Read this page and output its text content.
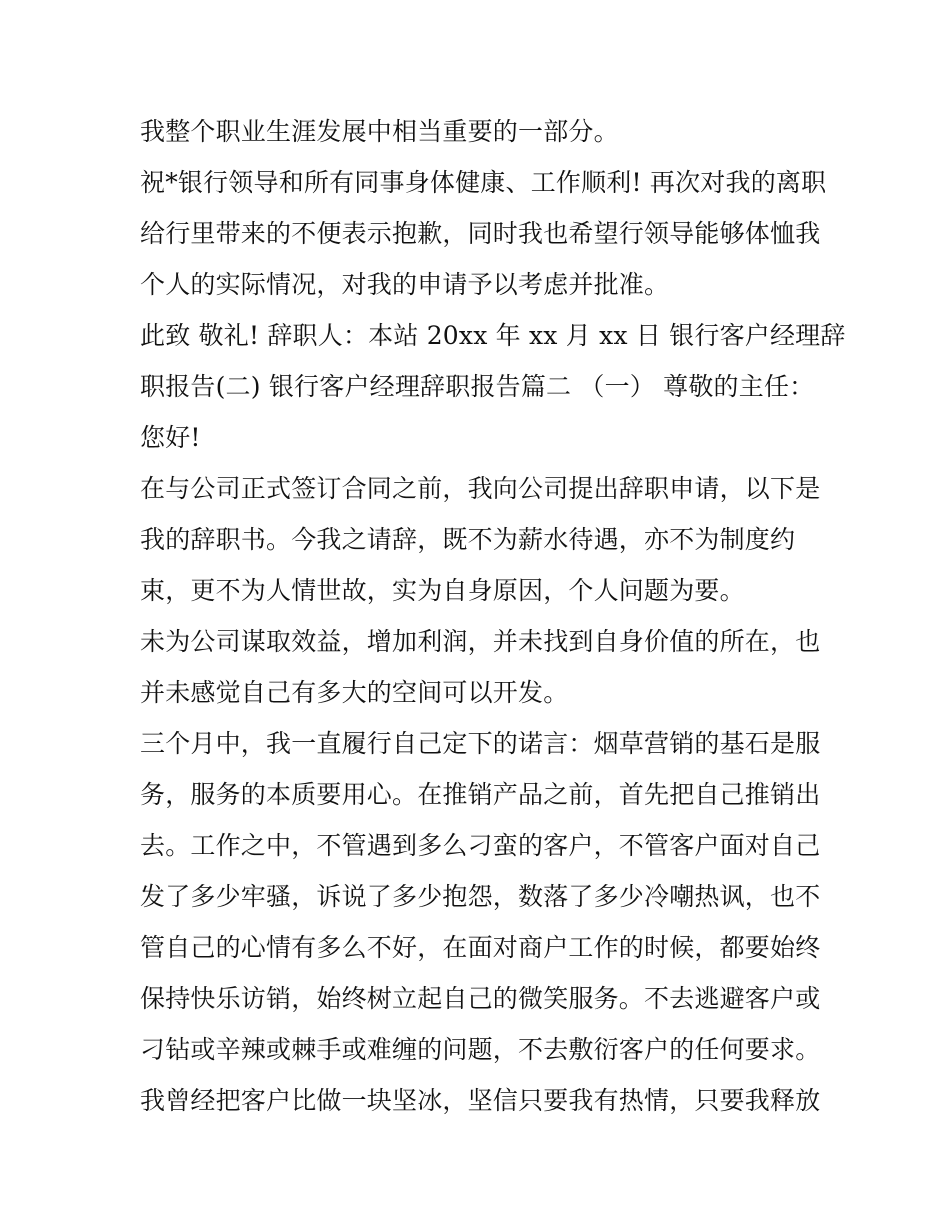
我整个职业生涯发展中相当重要的一部分。
祝*银行领导和所有同事身体健康、工作顺利! 再次对我的离职
给行里带来的不便表示抱歉，同时我也希望行领导能够体恤我
个人的实际情况，对我的申请予以考虑并批准。
此致 敬礼! 辞职人：本站 20xx 年 xx 月 xx 日 银行客户经理辞
职报告(二) 银行客户经理辞职报告篇二 （一） 尊敬的主任：
您好!
在与公司正式签订合同之前，我向公司提出辞职申请，以下是
我的辞职书。今我之请辞，既不为薪水待遇，亦不为制度约
束，更不为人情世故，实为自身原因，个人问题为要。
未为公司谋取效益，增加利润，并未找到自身价值的所在，也
并未感觉自己有多大的空间可以开发。
三个月中，我一直履行自己定下的诺言：烟草营销的基石是服
务，服务的本质要用心。在推销产品之前，首先把自己推销出
去。工作之中，不管遇到多么刁蛮的客户，不管客户面对自己
发了多少牢骚，诉说了多少抱怨，数落了多少冷嘲热讽，也不
管自己的心情有多么不好，在面对商户工作的时候，都要始终
保持快乐访销，始终树立起自己的微笑服务。不去逃避客户或
刁钻或辛辣或棘手或难缠的问题，不去敷衍客户的任何要求。
我曾经把客户比做一块坚冰，坚信只要我有热情，只要我释放
